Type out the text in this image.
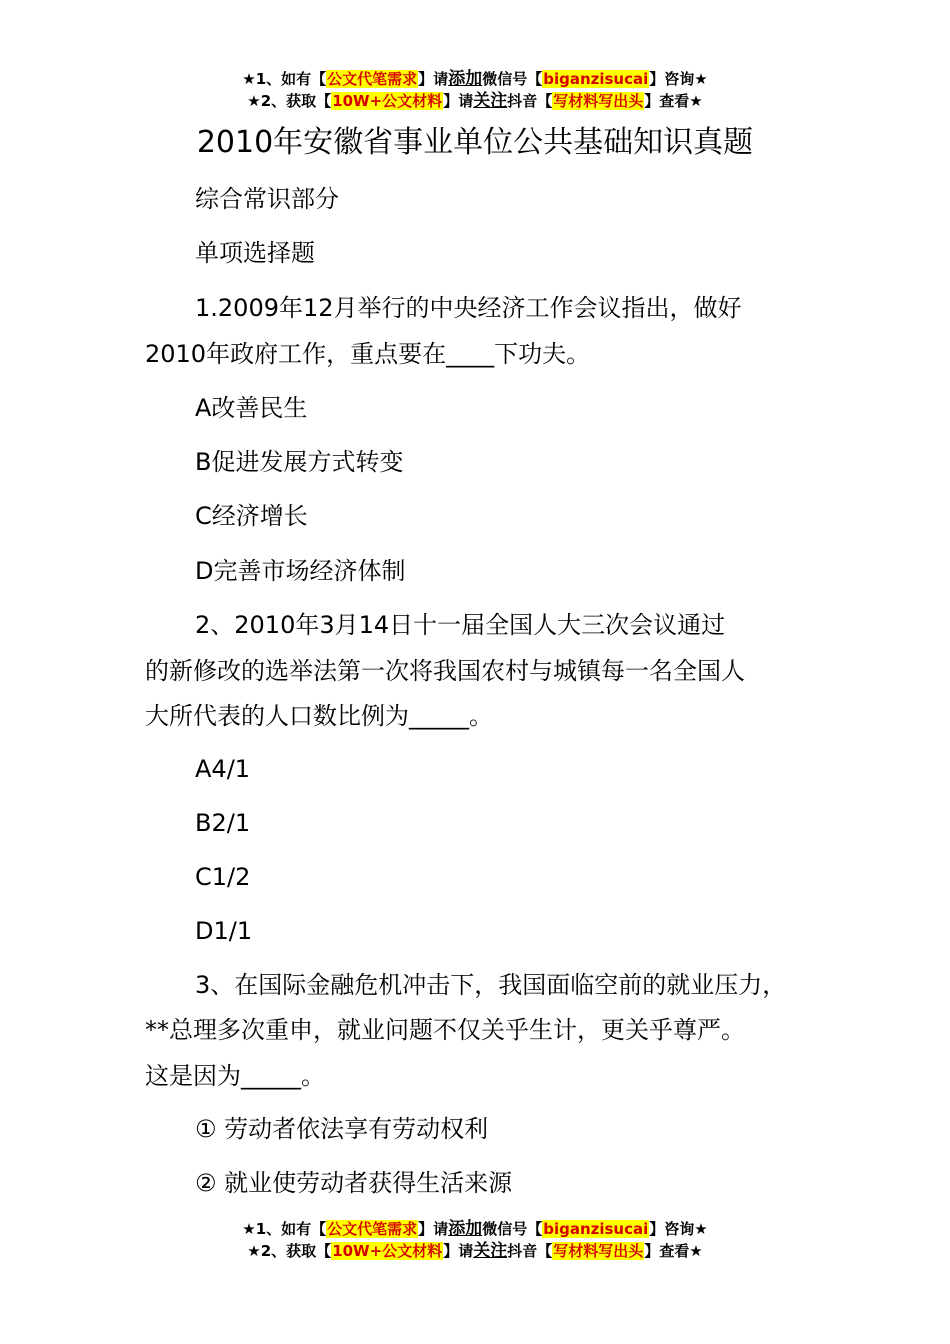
★1、如有【公文代笔需求】请添加微信号【biganzisucai】咨询★
★2、获取【10W+公文材料】请关注抖音【写材料写出头】查看★
2010年安徽省事业单位公共基础知识真题
综合常识部分
单项选择题
1.2009年12月举行的中央经济工作会议指出，做好
2010年政府工作，重点要在____下功夫。
A改善民生
B促进发展方式转变
C经济增长
D完善市场经济体制
2、2010年3月14日十一届全国人大三次会议通过
的新修改的选举法第一次将我国农村与城镇每一名全国人
大所代表的人口数比例为_____。
A4/1
B2/1
C1/2
D1/1
3、在国际金融危机冲击下，我国面临空前的就业压力，
**总理多次重申，就业问题不仅关乎生计，更关乎尊严。
这是因为_____。
① 劳动者依法享有劳动权利
② 就业使劳动者获得生活来源
★1、如有【公文代笔需求】请添加微信号【biganzisucai】咨询★
★2、获取【10W+公文材料】请关注抖音【写材料写出头】查看★
